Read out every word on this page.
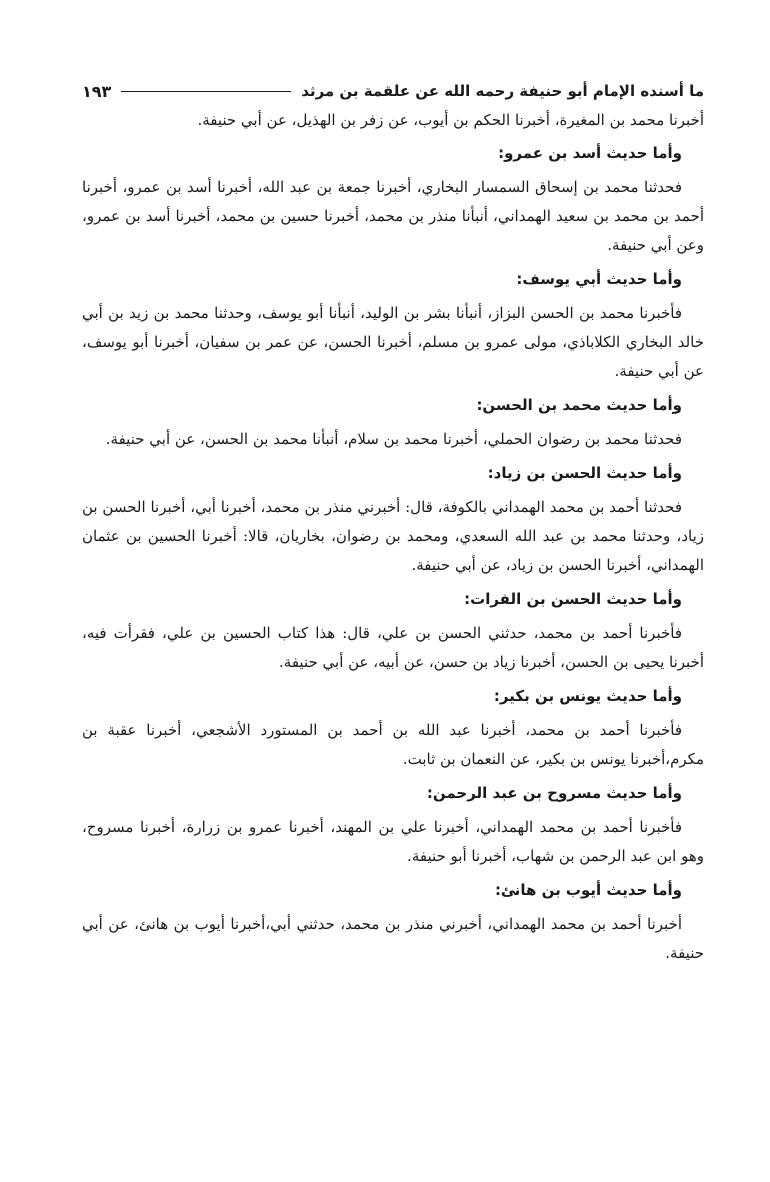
ما أسنده الإمام أبو حنيفة رحمه الله عن علقمة بن مرثد
١٩٣

أخبرنا محمد بن المغيرة، أخبرنا الحكم بن أيوب، عن زفر بن الهذيل، عن أبي حنيفة.

وأما حديث أسد بن عمرو:

فحدثنا محمد بن إسحاق السمسار البخاري، أخبرنا جمعة بن عبد الله، أخبرنا أسد بن عمرو، أخبرنا أحمد بن محمد بن سعيد الهمداني، أنبأنا منذر بن محمد، أخبرنا حسين بن محمد، أخبرنا أسد بن عمرو، وعن أبي حنيفة.

وأما حديث أبي يوسف:

فأخبرنا محمد بن الحسن البزاز، أنبأنا بشر بن الوليد، أنبأنا أبو يوسف، وحدثنا محمد بن زيد بن أبي خالد البخاري الكلاباذي، مولى عمرو بن مسلم، أخبرنا الحسن، عن عمر بن سفيان، أخبرنا أبو يوسف، عن أبي حنيفة.

وأما حديث محمد بن الحسن:

فحدثنا محمد بن رضوان الحملي، أخبرنا محمد بن سلام، أنبأنا محمد بن الحسن، عن أبي حنيفة.

وأما حديث الحسن بن زياد:

فحدثنا أحمد بن محمد الهمداني بالكوفة، قال: أخبرني منذر بن محمد، أخبرنا أبي، أخبرنا الحسن بن زياد، وحدثنا محمد بن عبد الله السعدي، ومحمد بن رضوان، بخاريان، قالا: أخبرنا الحسين بن عثمان الهمداني، أخبرنا الحسن بن زياد، عن أبي حنيفة.

وأما حديث الحسن بن الفرات:

فأخبرنا أحمد بن محمد، حدثني الحسن بن علي، قال: هذا كتاب الحسين بن علي، فقرأت فيه، أخبرنا يحيى بن الحسن، أخبرنا زياد بن حسن، عن أبيه، عن أبي حنيفة.

وأما حديث يونس بن بكير:

فأخبرنا أحمد بن محمد، أخبرنا عبد الله بن أحمد بن المستورد الأشجعي، أخبرنا عقبة بن مكرم،أخبرنا يونس بن بكير، عن النعمان بن ثابت.

وأما حديث مسروح بن عبد الرحمن:

فأخبرنا أحمد بن محمد الهمداني، أخبرنا علي بن المهند، أخبرنا عمرو بن زرارة، أخبرنا مسروح، وهو ابن عبد الرحمن بن شهاب، أخبرنا أبو حنيفة.

وأما حديث أيوب بن هانئ:

أخبرنا أحمد بن محمد الهمداني، أخبرني منذر بن محمد، حدثني أبي،أخبرنا أيوب بن هانئ، عن أبي حنيفة.
